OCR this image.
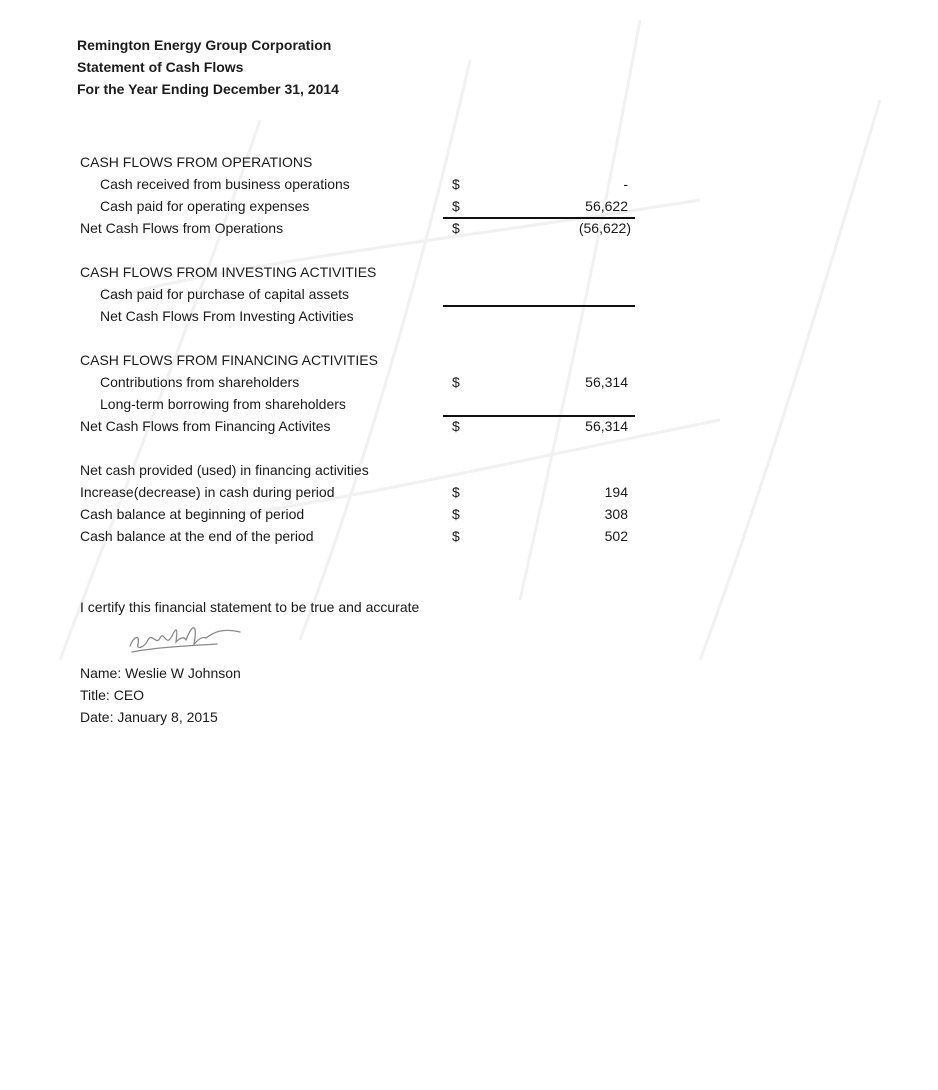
Remington Energy Group Corporation
Statement of Cash Flows
For the Year Ending December 31, 2014
CASH FLOWS FROM OPERATIONS
Cash received from business operations	$	-
Cash paid for operating expenses	$	56,622
Net Cash Flows from Operations	$	(56,622)
CASH FLOWS FROM INVESTING ACTIVITIES
Cash paid for purchase of capital assets
Net Cash Flows From Investing Activities
CASH FLOWS FROM FINANCING ACTIVITIES
Contributions from shareholders	$	56,314
Long-term borrowing from shareholders
Net Cash Flows from Financing Activites	$	56,314
Net cash provided (used) in financing activities
Increase(decrease) in cash during period	$	194
Cash balance at beginning of period	$	308
Cash balance at the end of the period	$	502
I certify this financial statement to be true and accurate
Name: Weslie W Johnson
Title: CEO
Date: January 8, 2015
